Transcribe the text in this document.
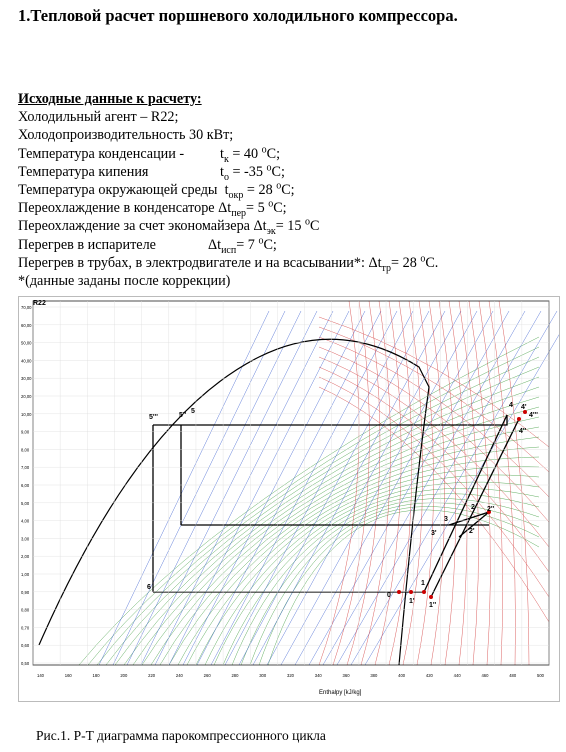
1.Тепловой расчет поршневого холодильного компрессора.
Исходные данные к расчету:
Холодильный агент – R22;
Холодопроизводительность 30 кВт;
Температура конденсации -	$t_к = 40$ $^o$С;
Температура кипения	$t_о = -35$ $^o$С;
Температура окружающей среды $t_{окр} = 28$ $^o$С;
Переохлаждение в конденсаторе $\Delta t_{пер}= 5$ $^o$С;
Переохлаждение за счет экономайзера $\Delta t_{эк}= 15$ $^o$С
Перегрев в испарителе	$\Delta t_{исп}= 7$ $^o$С;
Перегрев в трубах, в электродвигателе и на всасывании*: $\Delta t_{тр}= 28$ $^o$С.
*(данные заданы после коррекции)
70,00
60,00
50,00
40,00
30,00
20,00
10,00
9,00
8,00
7,00
6,00
5,00
4,00
3,00
2,00
1,00
0,90
0,80
0,70
0,60
0,50
140	160	180	200	220	240	260	280	300	320	340	360	380	400	420	440	460	480	500
5'''	5''
5
6
0
1'
1
1''
3'
3
2
2'
2''
4 4'
4''
4'''
R22
Enthalpy [kJ/kg]
Рис.1. P-T диаграмма парокомпрессионного цикла
